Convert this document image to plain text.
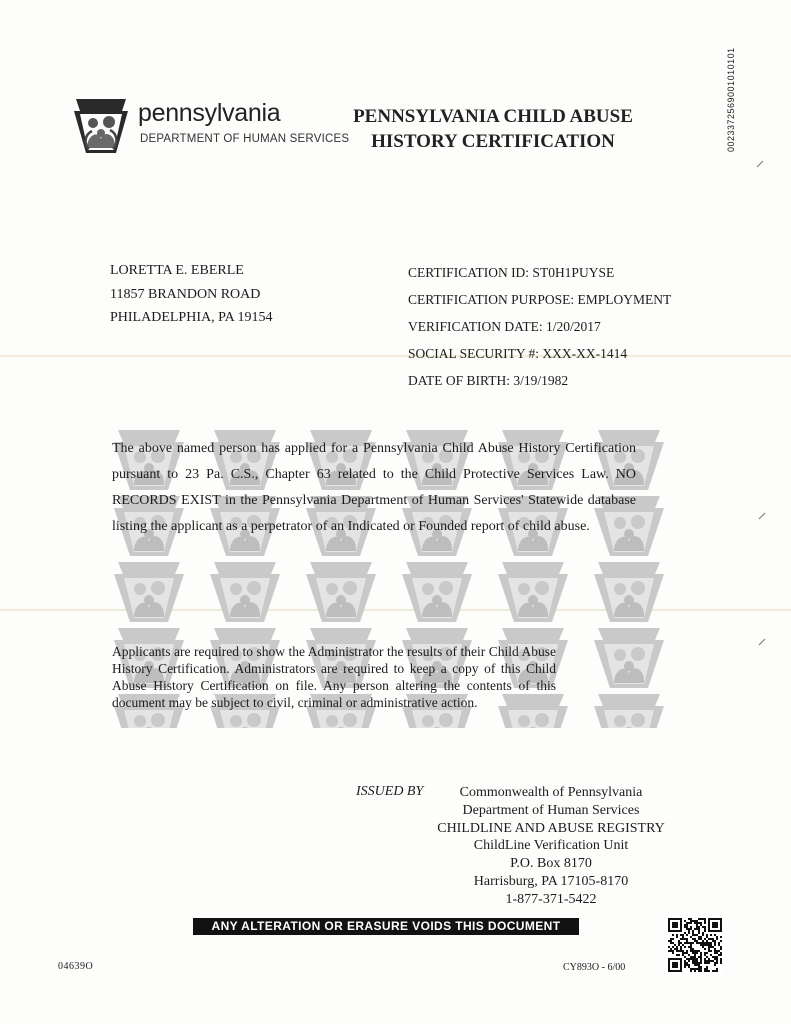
0023372569001010101
pennsylvania
DEPARTMENT OF HUMAN SERVICES
PENNSYLVANIA CHILD ABUSE
HISTORY CERTIFICATION
LORETTA E. EBERLE
11857 BRANDON ROAD
PHILADELPHIA, PA 19154
CERTIFICATION ID: ST0H1PUYSE
CERTIFICATION PURPOSE: EMPLOYMENT
VERIFICATION DATE: 1/20/2017
SOCIAL SECURITY #: XXX-XX-1414
DATE OF BIRTH: 3/19/1982
The above named person has applied for a Pennsylvania Child Abuse History Certification pursuant to 23 Pa. C.S., Chapter 63 related to the Child Protective Services Law. NO RECORDS EXIST in the Pennsylvania Department of Human Services' Statewide database listing the applicant as a perpetrator of an Indicated or Founded report of child abuse.
Applicants are required to show the Administrator the results of their Child Abuse History Certification. Administrators are required to keep a copy of this Child Abuse History Certification on file. Any person altering the contents of this document may be subject to civil, criminal or administrative action.
ISSUED BY	Commonwealth of Pennsylvania
Department of Human Services
CHILDLINE AND ABUSE REGISTRY
ChildLine Verification Unit
P.O. Box 8170
Harrisburg, PA 17105-8170
1-877-371-5422
ANY ALTERATION OR ERASURE VOIDS THIS DOCUMENT
04639O	CY893O - 6/00
